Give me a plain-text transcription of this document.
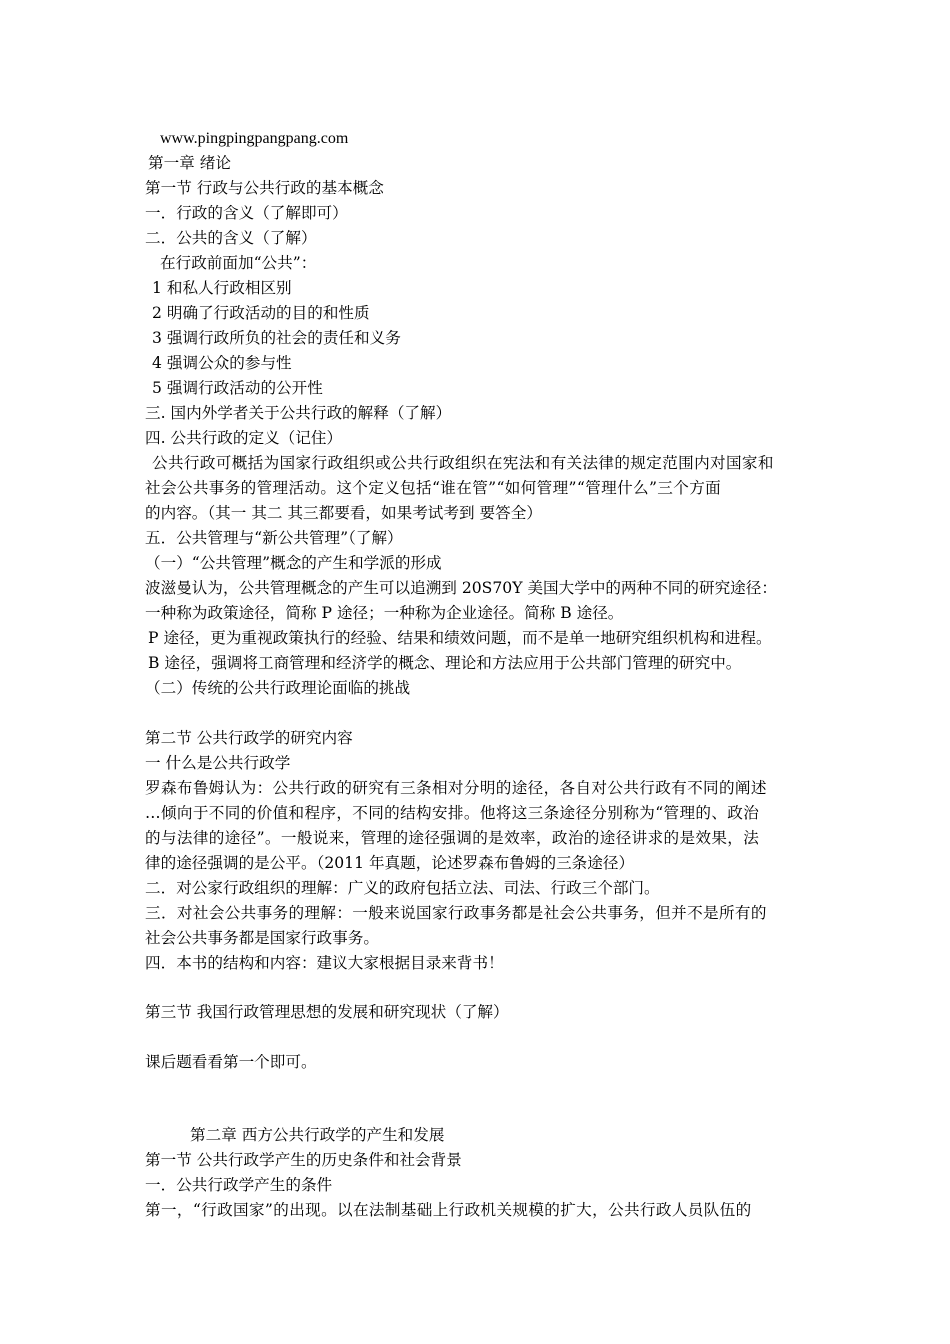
www.pingpingpangpang.com
第一章 绪论
第一节 行政与公共行政的基本概念
一．行政的含义（了解即可）
二．公共的含义（了解）
在行政前面加“公共”：
1 和私人行政相区别
2 明确了行政活动的目的和性质
3 强调行政所负的社会的责任和义务
4 强调公众的参与性
5 强调行政活动的公开性
三. 国内外学者关于公共行政的解释（了解）
四. 公共行政的定义（记住）
公共行政可概括为国家行政组织或公共行政组织在宪法和有关法律的规定范围内对国家和
社会公共事务的管理活动。这个定义包括“谁在管”“如何管理”“管理什么”三个方面
的内容。（其一 其二 其三都要看，如果考试考到 要答全）
五．公共管理与“新公共管理”（了解）
（一）“公共管理”概念的产生和学派的形成
波滋曼认为，公共管理概念的产生可以追溯到 20S70Y 美国大学中的两种不同的研究途径：
一种称为政策途径，简称 P 途径；一种称为企业途径。简称 B 途径。
P 途径，更为重视政策执行的经验、结果和绩效问题，而不是单一地研究组织机构和进程。
B 途径，强调将工商管理和经济学的概念、理论和方法应用于公共部门管理的研究中。
（二）传统的公共行政理论面临的挑战
第二节 公共行政学的研究内容
一 什么是公共行政学
罗森布鲁姆认为：公共行政的研究有三条相对分明的途径，各自对公共行政有不同的阐述
…倾向于不同的价值和程序，不同的结构安排。他将这三条途径分别称为“管理的、政治
的与法律的途径”。一般说来，管理的途径强调的是效率，政治的途径讲求的是效果，法
律的途径强调的是公平。（2011 年真题，论述罗森布鲁姆的三条途径）
二．对公家行政组织的理解：广义的政府包括立法、司法、行政三个部门。
三．对社会公共事务的理解：一般来说国家行政事务都是社会公共事务，但并不是所有的
社会公共事务都是国家行政事务。
四．本书的结构和内容：建议大家根据目录来背书！
第三节 我国行政管理思想的发展和研究现状（了解）
课后题看看第一个即可。
第二章 西方公共行政学的产生和发展
第一节 公共行政学产生的历史条件和社会背景
一．公共行政学产生的条件
第一，“行政国家”的出现。以在法制基础上行政机关规模的扩大，公共行政人员队伍的
